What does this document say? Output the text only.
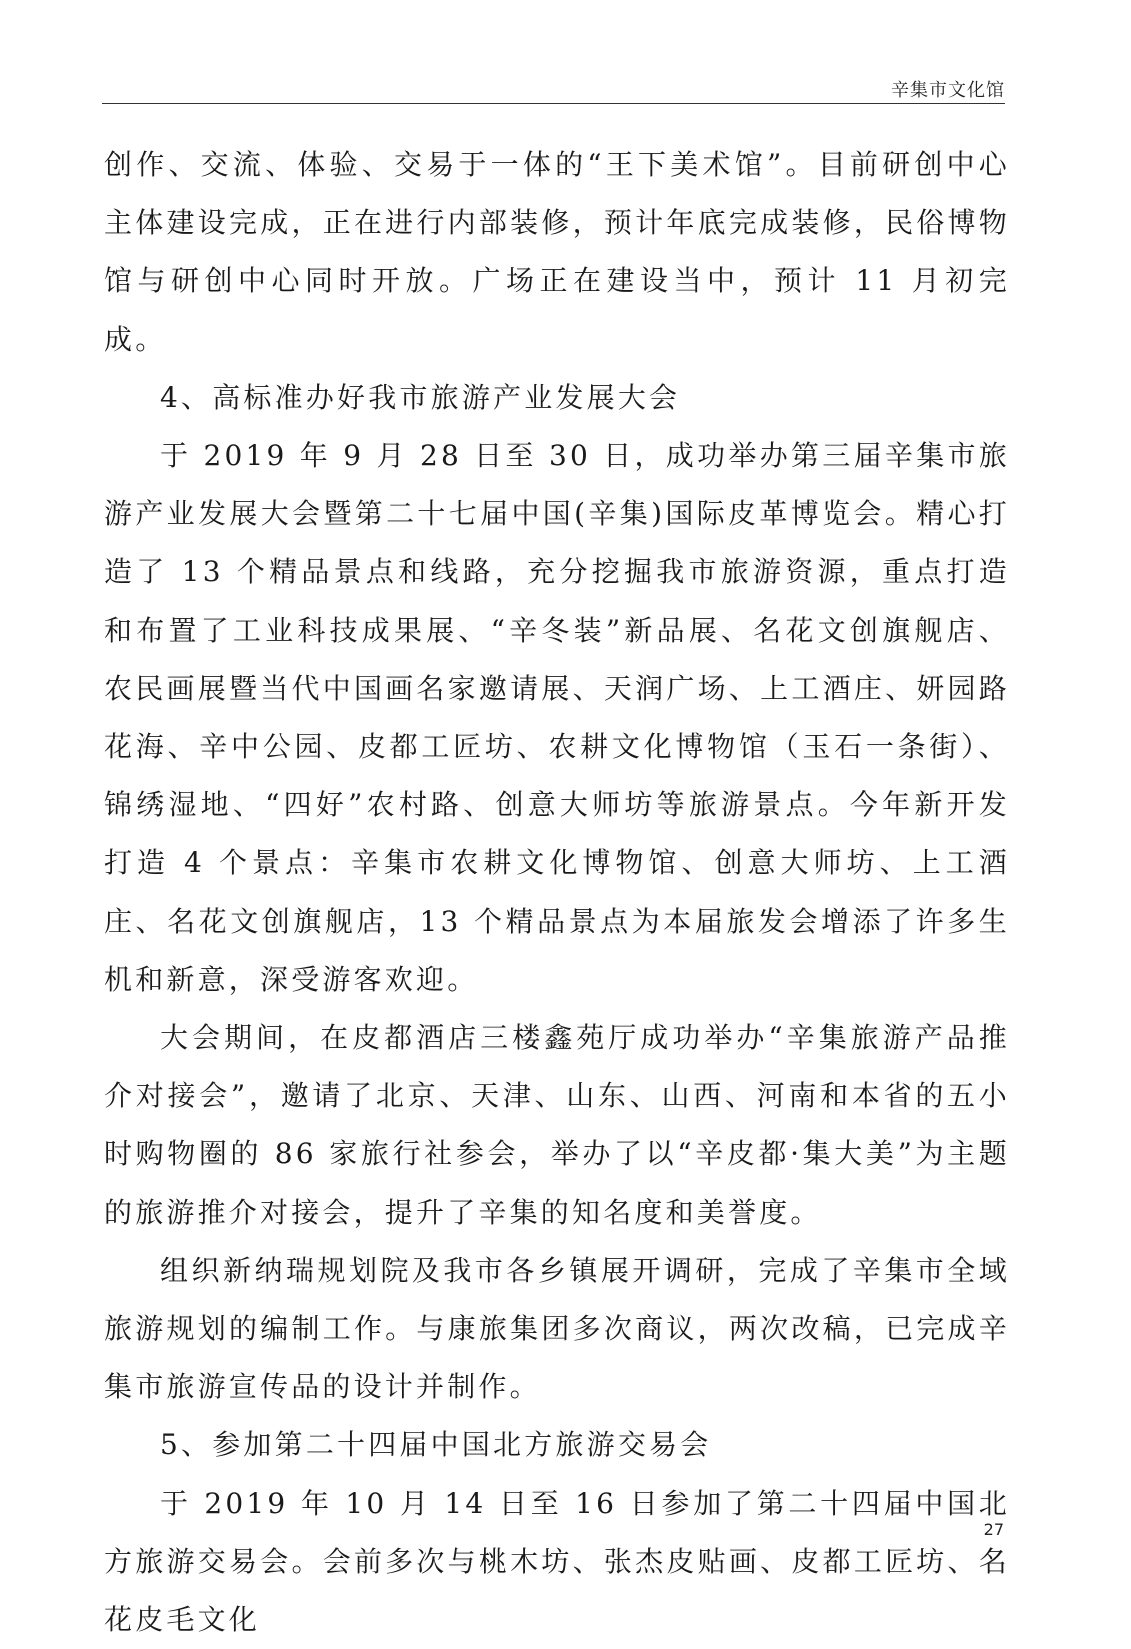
辛集市文化馆

创作、交流、体验、交易于一体的“王下美术馆”。目前研创中心主体建设完成，正在进行内部装修，预计年底完成装修，民俗博物馆与研创中心同时开放。广场正在建设当中，预计 11 月初完成。

4、高标准办好我市旅游产业发展大会

于 2019 年 9 月 28 日至 30 日，成功举办第三届辛集市旅游产业发展大会暨第二十七届中国(辛集)国际皮革博览会。精心打造了 13 个精品景点和线路，充分挖掘我市旅游资源，重点打造和布置了工业科技成果展、“辛冬装”新品展、名花文创旗舰店、农民画展暨当代中国画名家邀请展、天润广场、上工酒庄、妍园路花海、辛中公园、皮都工匠坊、农耕文化博物馆（玉石一条街）、锦绣湿地、“四好”农村路、创意大师坊等旅游景点。今年新开发打造 4 个景点：辛集市农耕文化博物馆、创意大师坊、上工酒庄、名花文创旗舰店，13 个精品景点为本届旅发会增添了许多生机和新意，深受游客欢迎。

大会期间，在皮都酒店三楼鑫苑厅成功举办“辛集旅游产品推介对接会”，邀请了北京、天津、山东、山西、河南和本省的五小时购物圈的 86 家旅行社参会，举办了以“辛皮都·集大美”为主题的旅游推介对接会，提升了辛集的知名度和美誉度。

组织新纳瑞规划院及我市各乡镇展开调研，完成了辛集市全域旅游规划的编制工作。与康旅集团多次商议，两次改稿，已完成辛集市旅游宣传品的设计并制作。

5、参加第二十四届中国北方旅游交易会

于 2019 年 10 月 14 日至 16 日参加了第二十四届中国北方旅游交易会。会前多次与桃木坊、张杰皮贴画、皮都工匠坊、名花皮毛文化

27
